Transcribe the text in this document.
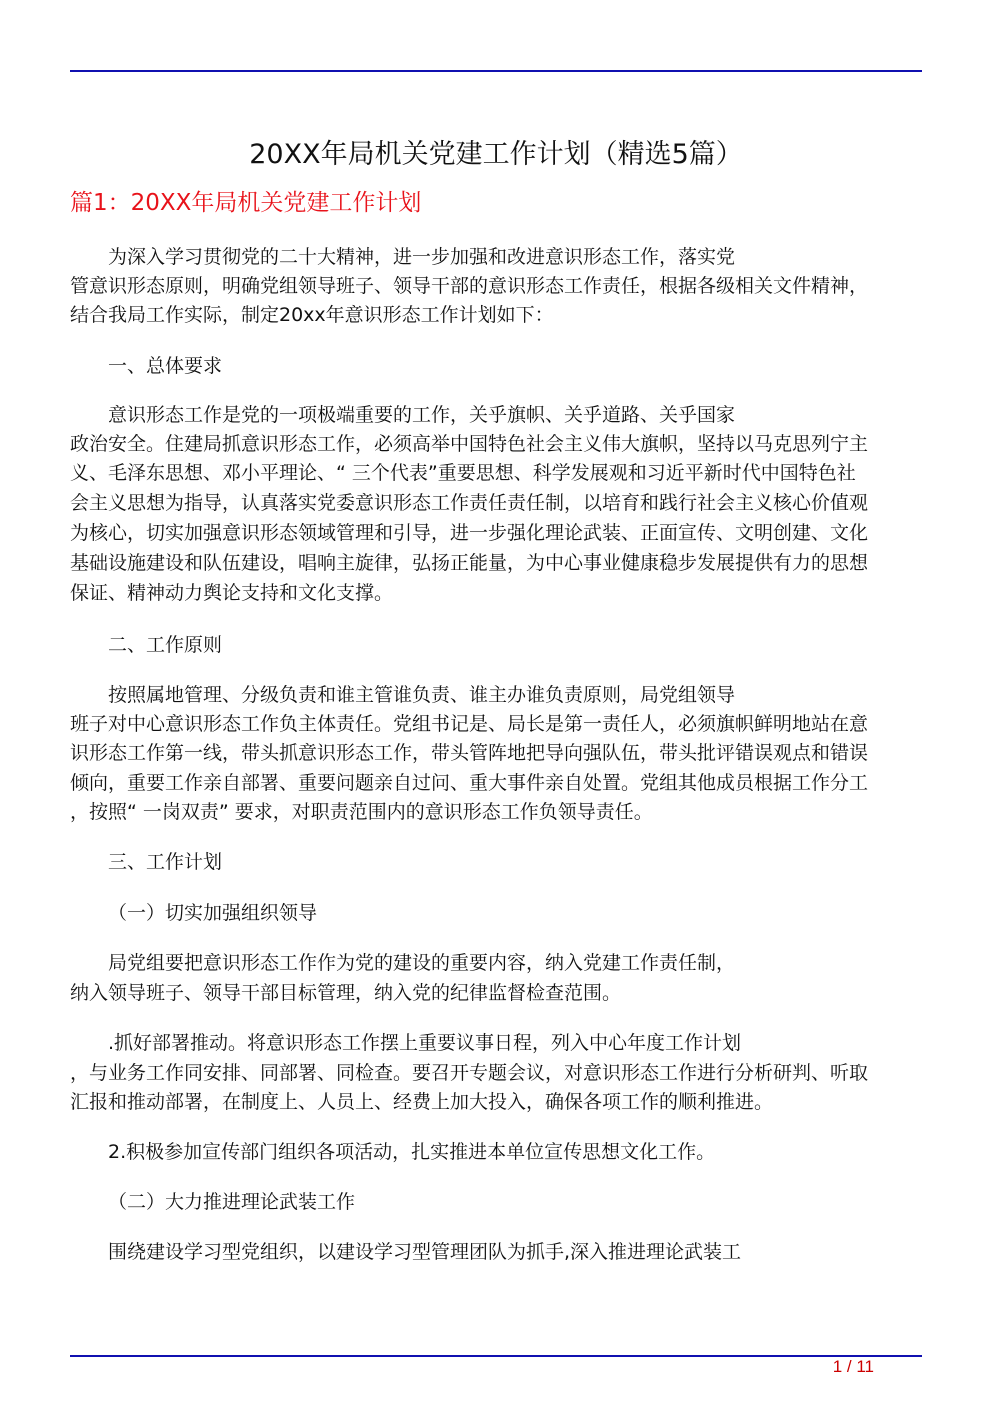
20XX年局机关党建工作计划（精选5篇）
篇1：20XX年局机关党建工作计划
为深入学习贯彻党的二十大精神，进一步加强和改进意识形态工作，落实党
管意识形态原则，明确党组领导班子、领导干部的意识形态工作责任，根据各级相关文件精神，
结合我局工作实际，制定20xx年意识形态工作计划如下：
一、总体要求
意识形态工作是党的一项极端重要的工作，关乎旗帜、关乎道路、关乎国家
政治安全。住建局抓意识形态工作，必须高举中国特色社会主义伟大旗帜，坚持以马克思列宁主
义、毛泽东思想、邓小平理论、“ 三个代表”重要思想、科学发展观和习近平新时代中国特色社
会主义思想为指导，认真落实党委意识形态工作责任责任制，以培育和践行社会主义核心价值观
为核心，切实加强意识形态领域管理和引导，进一步强化理论武装、正面宣传、文明创建、文化
基础设施建设和队伍建设，唱响主旋律，弘扬正能量，为中心事业健康稳步发展提供有力的思想
保证、精神动力舆论支持和文化支撑。
二、工作原则
按照属地管理、分级负责和谁主管谁负责、谁主办谁负责原则，局党组领导
班子对中心意识形态工作负主体责任。党组书记是、局长是第一责任人，必须旗帜鲜明地站在意
识形态工作第一线，带头抓意识形态工作，带头管阵地把导向强队伍，带头批评错误观点和错误
倾向，重要工作亲自部署、重要问题亲自过问、重大事件亲自处置。党组其他成员根据工作分工
，按照“ 一岗双责” 要求，对职责范围内的意识形态工作负领导责任。
三、工作计划
（一）切实加强组织领导
局党组要把意识形态工作作为党的建设的重要内容，纳入党建工作责任制，
纳入领导班子、领导干部目标管理，纳入党的纪律监督检查范围。
.抓好部署推动。将意识形态工作摆上重要议事日程，列入中心年度工作计划
，与业务工作同安排、同部署、同检查。要召开专题会议，对意识形态工作进行分析研判、听取
汇报和推动部署，在制度上、人员上、经费上加大投入，确保各项工作的顺利推进。
2.积极参加宣传部门组织各项活动，扎实推进本单位宣传思想文化工作。
（二）大力推进理论武装工作
围绕建设学习型党组织，以建设学习型管理团队为抓手,深入推进理论武装工
1 / 11
